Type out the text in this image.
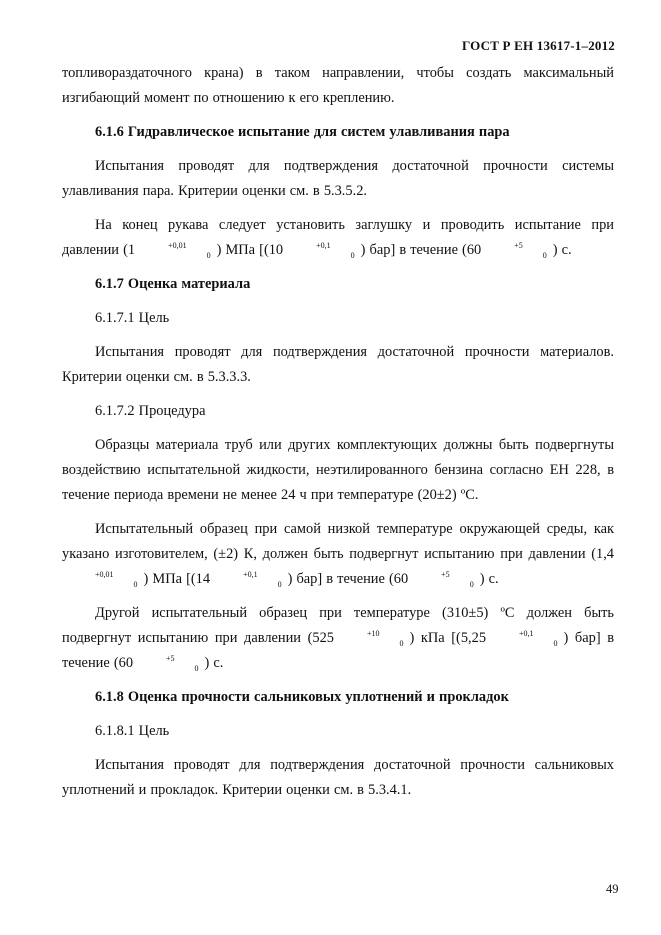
ГОСТ Р ЕН 13617-1–2012

топливораздаточного крана) в таком направлении, чтобы создать максимальный изгибающий момент по отношению к его креплению.

6.1.6 Гидравлическое испытание для систем улавливания пара

Испытания проводят для подтверждения достаточной прочности системы улавливания пара. Критерии оценки см. в 5.3.5.2.

На конец рукава следует установить заглушку и проводить испытание при давлении (1	+0,010 ) МПа [(10	+0,10 ) бар] в течение (60	+50 ) с.

6.1.7 Оценка материала

6.1.7.1 Цель

Испытания проводят для подтверждения достаточной прочности материалов. Критерии оценки см. в 5.3.3.3.

6.1.7.2 Процедура

Образцы материала труб или других комплектующих должны быть подвергнуты воздействию испытательной жидкости, неэтилированного бензина согласно ЕН 228, в течение периода времени не менее 24 ч при температуре (20±2) ºС.

Испытательный образец при самой низкой температуре окружающей среды, как указано изготовителем, (±2) К, должен быть подвергнут испытанию при давлении (1,4+0,010 ) МПа [(14	+0,10 ) бар] в течение (60	+50 ) с.

Другой испытательный образец при температуре (310±5) ºС должен быть подвергнут испытанию при давлении (525	+100 ) кПа [(5,25	+0,10 ) бар] в течение (60	+50 ) с.

6.1.8 Оценка прочности сальниковых уплотнений и прокладок

6.1.8.1 Цель

Испытания проводят для подтверждения достаточной прочности сальниковых уплотнений и прокладок. Критерии оценки см. в 5.3.4.1.

49
